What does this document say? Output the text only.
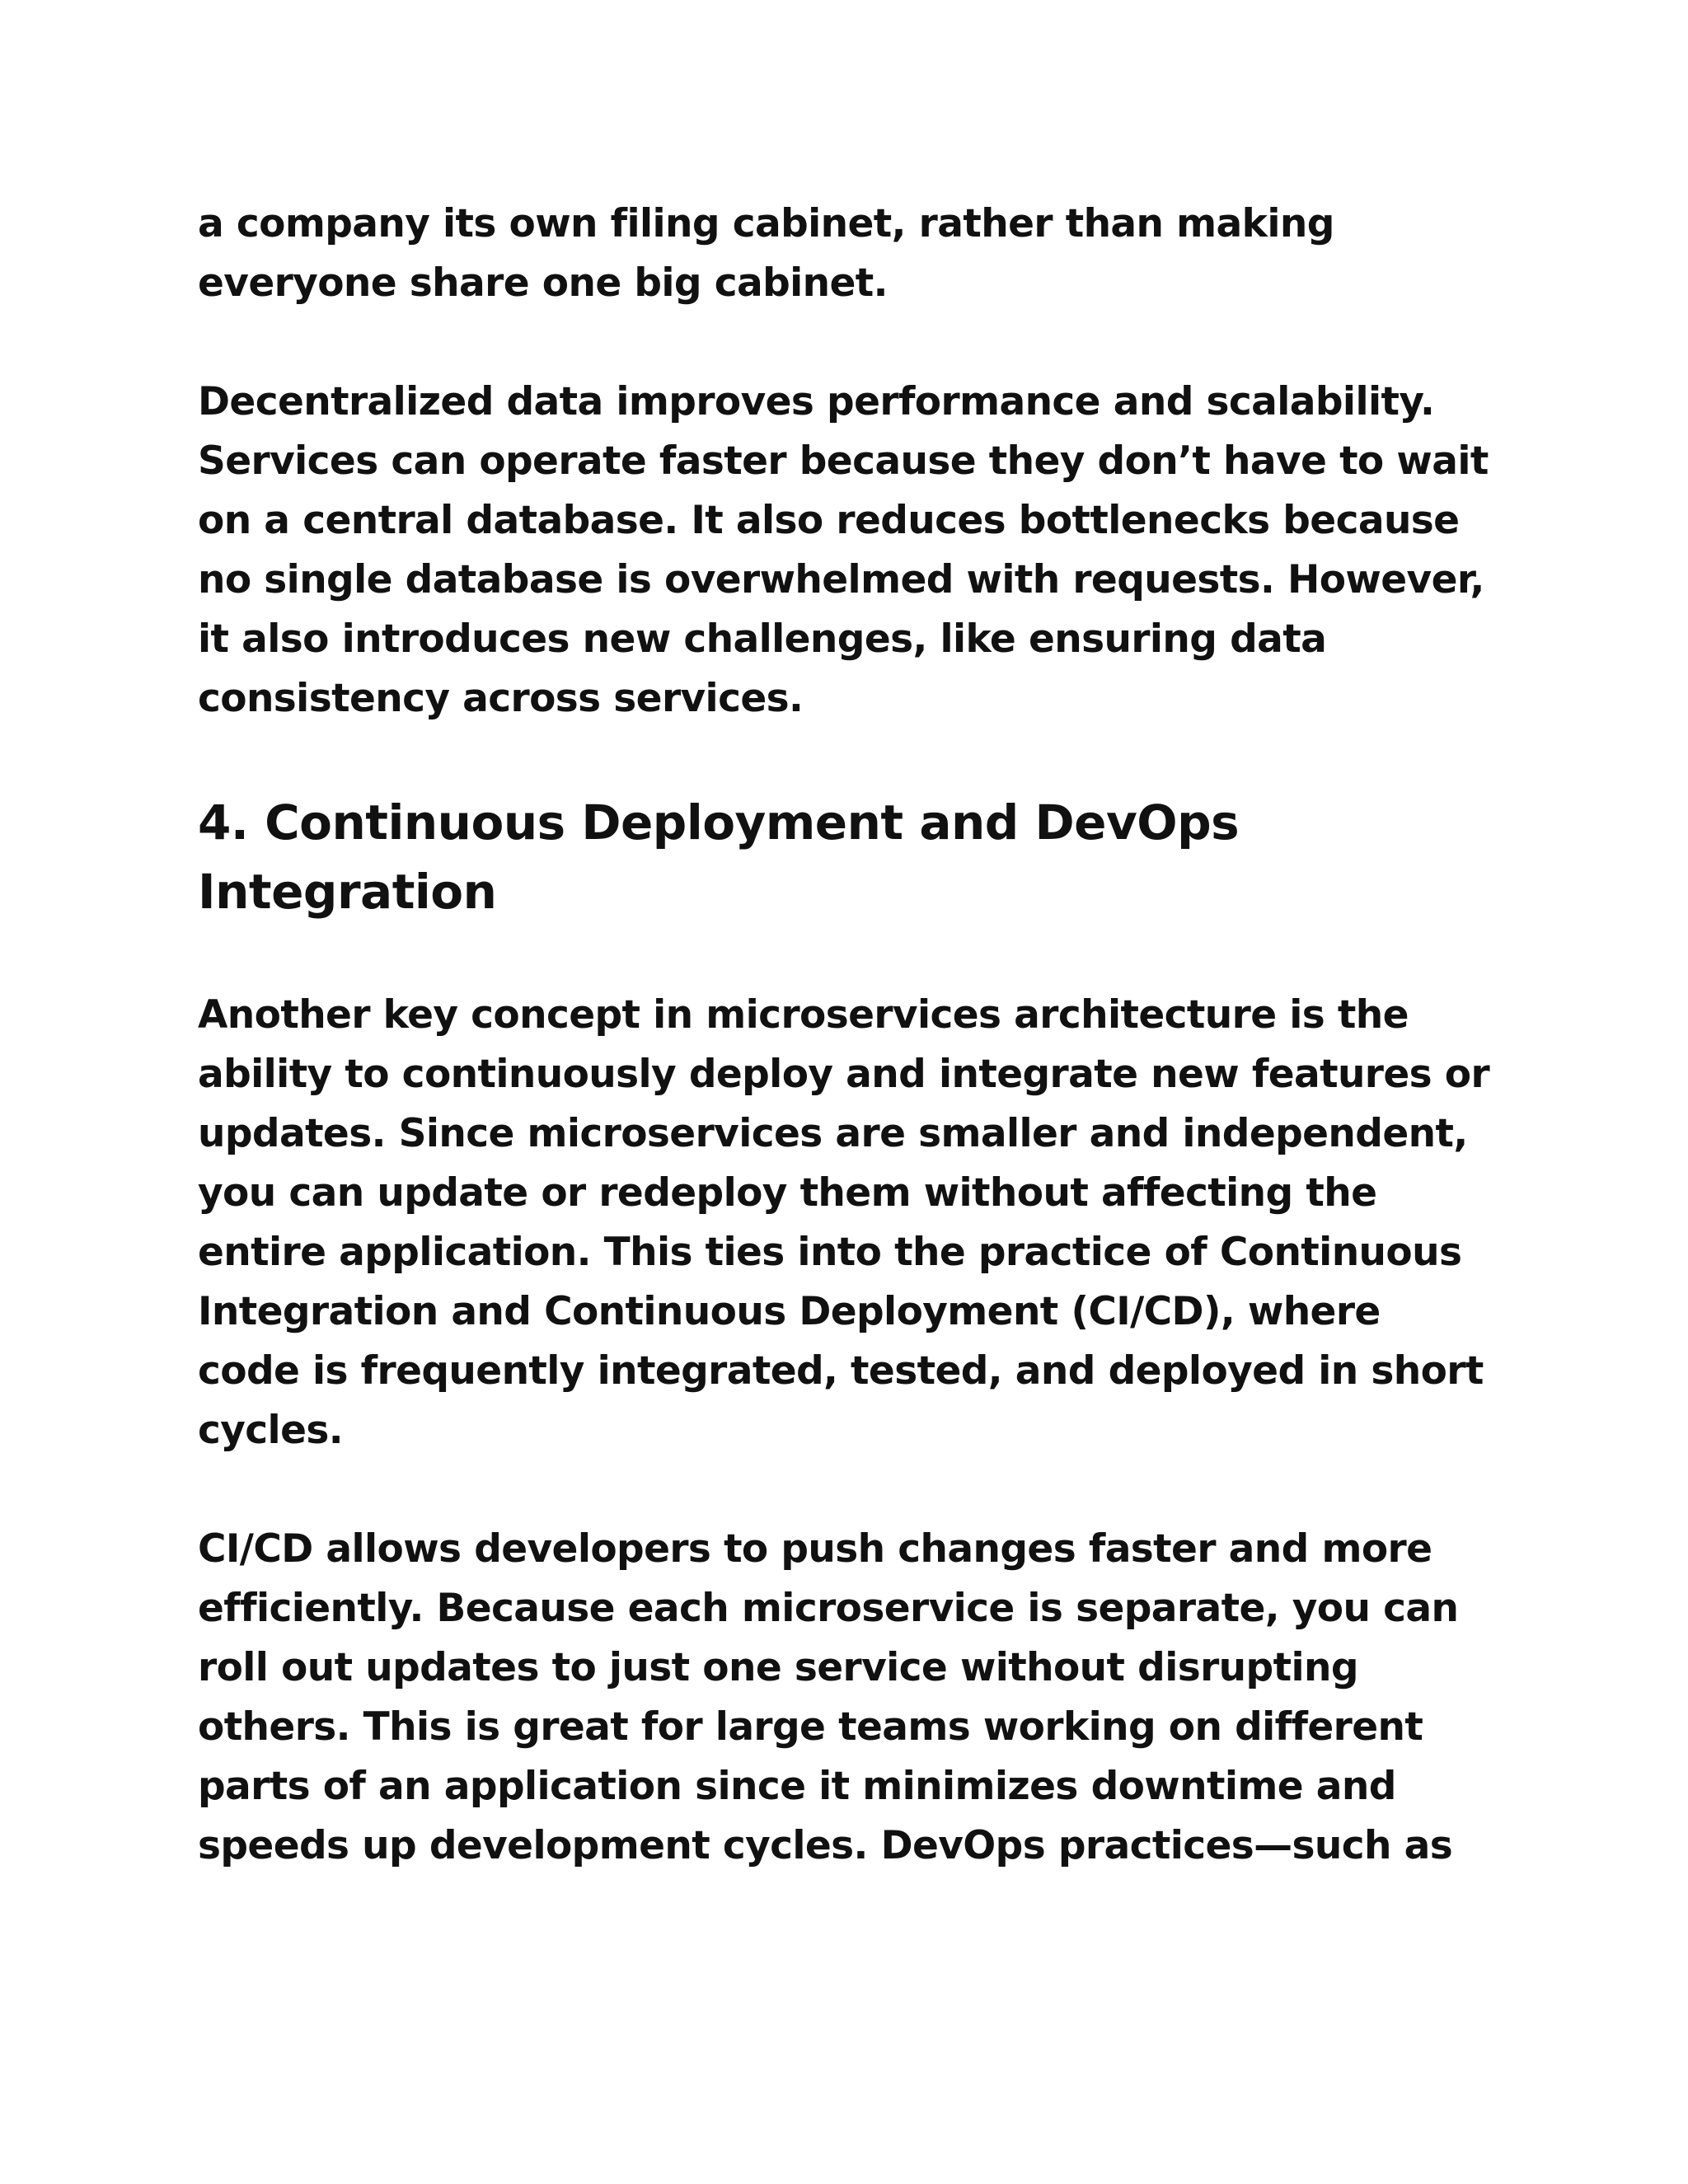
a company its own filing cabinet, rather than making
everyone share one big cabinet.

Decentralized data improves performance and scalability.
Services can operate faster because they don’t have to wait
on a central database. It also reduces bottlenecks because
no single database is overwhelmed with requests. However,
it also introduces new challenges, like ensuring data
consistency across services.

4. Continuous Deployment and DevOps
Integration

Another key concept in microservices architecture is the
ability to continuously deploy and integrate new features or
updates. Since microservices are smaller and independent,
you can update or redeploy them without affecting the
entire application. This ties into the practice of Continuous
Integration and Continuous Deployment (CI/CD), where
code is frequently integrated, tested, and deployed in short
cycles.

CI/CD allows developers to push changes faster and more
efficiently. Because each microservice is separate, you can
roll out updates to just one service without disrupting
others. This is great for large teams working on different
parts of an application since it minimizes downtime and
speeds up development cycles. DevOps practices—such as
